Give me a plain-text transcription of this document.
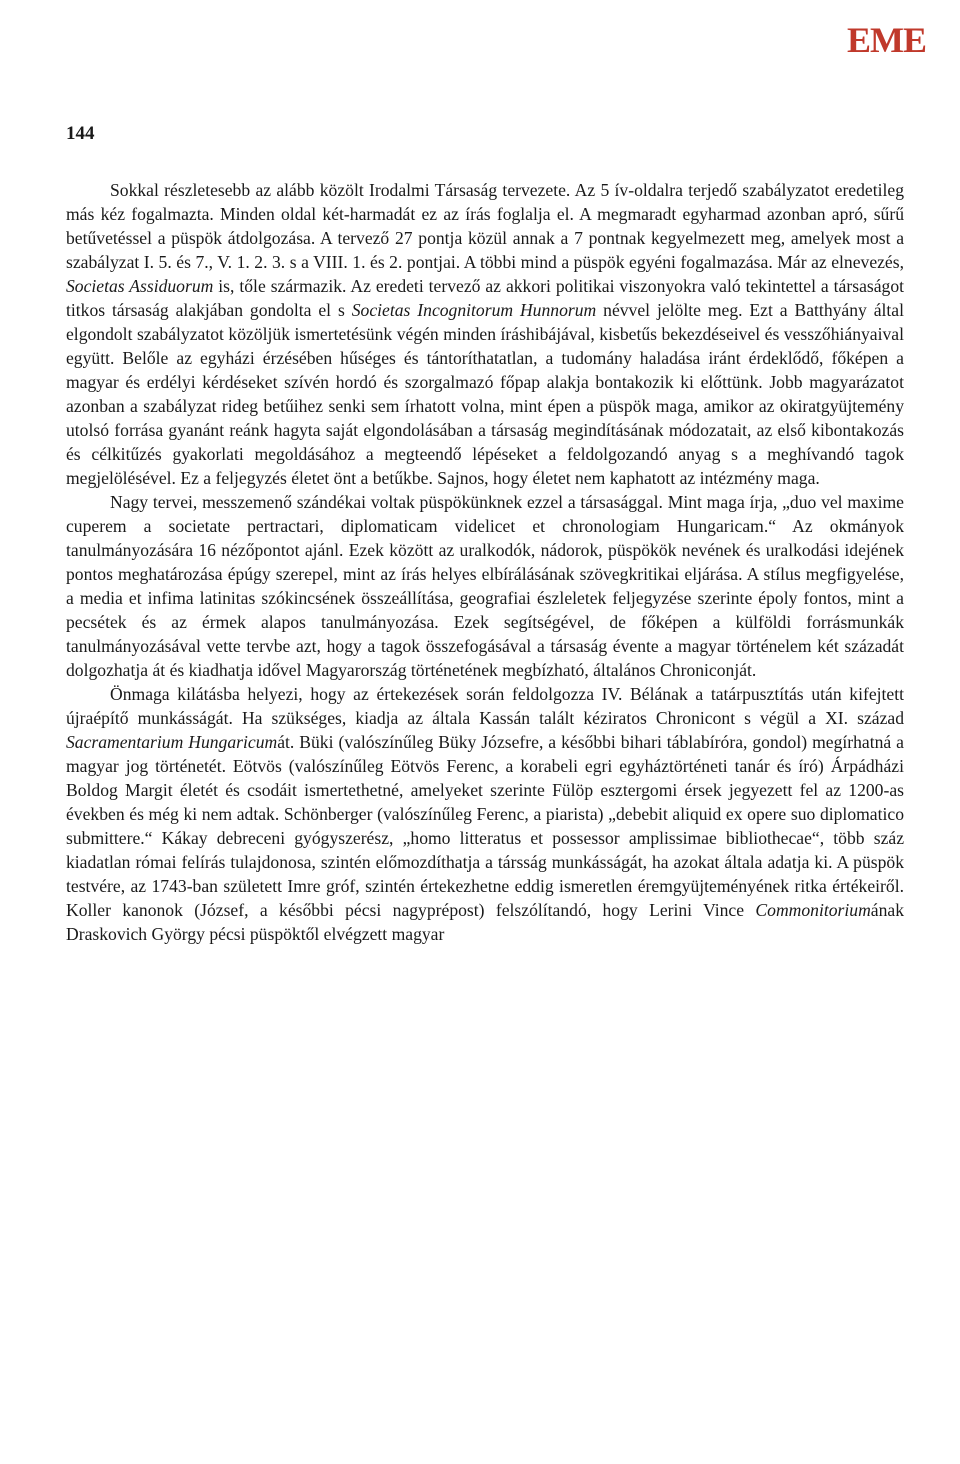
EME
144

Sokkal részletesebb az alább közölt Irodalmi Társaság tervezete. Az 5 ív-oldalra terjedő szabályzatot eredetileg más kéz fogalmazta. Minden oldal két-harmadát ez az írás foglalja el. A megmaradt egyharmad azonban apró, sűrű betűvetéssel a püspök átdolgozása. A tervező 27 pontja közül annak a 7 pontnak kegyelmezett meg, amelyek most a szabályzat I. 5. és 7., V. 1. 2. 3. s a VIII. 1. és 2. pontjai. A többi mind a püspök egyéni fogalmazása. Már az elnevezés, Societas Assiduorum is, tőle származik. Az eredeti tervező az akkori politikai viszonyokra való tekintettel a társaságot titkos társaság alakjában gondolta el s Societas Incognitorum Hunnorum névvel jelölte meg. Ezt a Batthyány által elgondolt szabályzatot közöljük ismertetésünk végén minden íráshibájával, kisbetűs bekezdéseivel és vesszőhiányaival együtt. Belőle az egyházi érzésében hűséges és tántoríthatatlan, a tudomány haladása iránt érdeklődő, főképen a magyar és erdélyi kérdéseket szívén hordó és szorgalmazó főpap alakja bontakozik ki előttünk. Jobb magyarázatot azonban a szabályzat rideg betűihez senki sem írhatott volna, mint épen a püspök maga, amikor az okiratgyüjtemény utolsó forrása gyanánt reánk hagyta saját elgondolásában a társaság megindításának módozatait, az első kibontakozás és célkitűzés gyakorlati megoldásához a megteendő lépéseket a feldolgozandó anyag s a meghívandó tagok megjelölésével. Ez a feljegyzés életet önt a betűkbe. Sajnos, hogy életet nem kaphatott az intézmény maga.

Nagy tervei, messzemenő szándékai voltak püspökünknek ezzel a társasággal. Mint maga írja, „duo vel maxime cuperem a societate pertractari, diplomaticam videlicet et chronologiam Hungaricam.“ Az okmányok tanulmányozására 16 nézőpontot ajánl. Ezek között az uralkodók, nádorok, püspökök nevének és uralkodási idejének pontos meghatározása épúgy szerepel, mint az írás helyes elbírálásának szövegkritikai eljárása. A stílus megfigyelése, a media et infima latinitas szókincsének összeállítása, geografiai észleletek feljegyzése szerinte époly fontos, mint a pecsétek és az érmek alapos tanulmányozása. Ezek segítségével, de főképen a külföldi forrásmunkák tanulmányozásával vette tervbe azt, hogy a tagok összefogásával a társaság évente a magyar történelem két századát dolgozhatja át és kiadhatja idővel Magyarország történetének megbízható, általános Chroniconját.

Önmaga kilátásba helyezi, hogy az értekezések során feldolgozza IV. Bélának a tatárpusztítás után kifejtett újraépítő munkásságát. Ha szükséges, kiadja az általa Kassán talált kéziratos Chronicont s végül a XI. század Sacramentarium Hungaricumát. Büki (valószínűleg Büky Józsefre, a későbbi bihari táblabíróra, gondol) megírhatná a magyar jog történetét. Eötvös (valószínűleg Eötvös Ferenc, a korabeli egri egyháztörténeti tanár és író) Árpádházi Boldog Margit életét és csodáit ismertethetné, amelyeket szerinte Fülöp esztergomi érsek jegyezett fel az 1200-as években és még ki nem adtak. Schönberger (valószínűleg Ferenc, a piarista) „debebit aliquid ex opere suo diplomatico submittere.“ Kákay debreceni gyógyszerész, „homo litteratus et possessor amplissimae bibliothecae“, több száz kiadatlan római felírás tulajdonosa, szintén előmozdíthatja a társság munkásságát, ha azokat általa adatja ki. A püspök testvére, az 1743-ban született Imre gróf, szintén értekezhetne eddig ismeretlen éremgyüjteményének ritka értékeiről. Koller kanonok (József, a későbbi pécsi nagyprépost) felszólítandó, hogy Lerini Vince Commonitoriumának Draskovich György pécsi püspöktől elvégzett magyar
